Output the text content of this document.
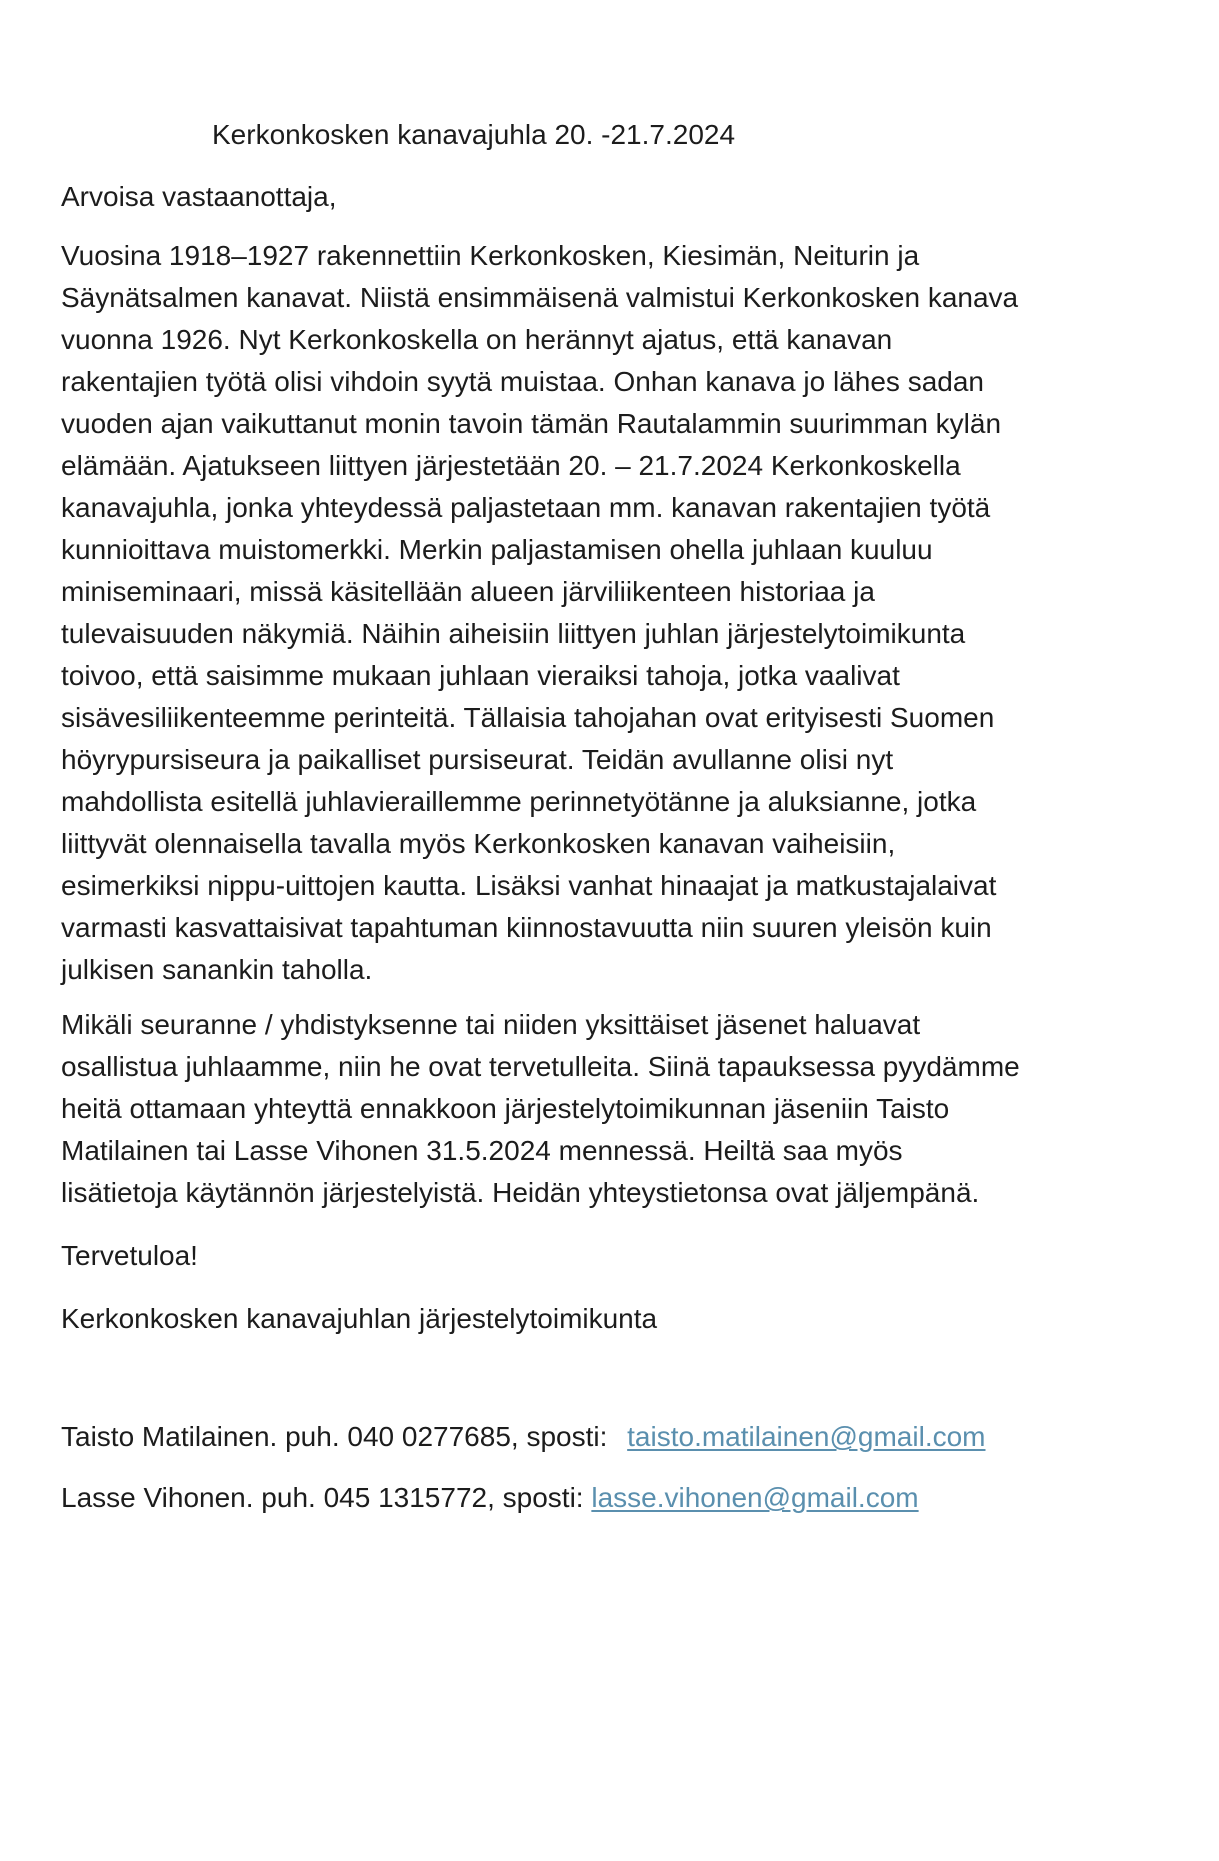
Kerkonkosken kanavajuhla 20. -21.7.2024

Arvoisa vastaanottaja,

Vuosina 1918–1927 rakennettiin Kerkonkosken, Kiesimän, Neiturin ja
Säynätsalmen kanavat. Niistä ensimmäisenä valmistui Kerkonkosken kanava
vuonna 1926. Nyt Kerkonkoskella on herännyt ajatus, että kanavan
rakentajien työtä olisi vihdoin syytä muistaa. Onhan kanava jo lähes sadan
vuoden ajan vaikuttanut monin tavoin tämän Rautalammin suurimman kylän
elämään. Ajatukseen liittyen järjestetään 20. – 21.7.2024 Kerkonkoskella
kanavajuhla, jonka yhteydessä paljastetaan mm. kanavan rakentajien työtä
kunnioittava muistomerkki. Merkin paljastamisen ohella juhlaan kuuluu
miniseminaari, missä käsitellään alueen järviliikenteen historiaa ja
tulevaisuuden näkymiä. Näihin aiheisiin liittyen juhlan järjestelytoimikunta
toivoo, että saisimme mukaan juhlaan vieraiksi tahoja, jotka vaalivat
sisävesiliikenteemme perinteitä. Tällaisia tahojahan ovat erityisesti Suomen
höyrypursiseura ja paikalliset pursiseurat. Teidän avullanne olisi nyt
mahdollista esitellä juhlavieraillemme perinnetyötänne ja aluksianne, jotka
liittyvät olennaisella tavalla myös Kerkonkosken kanavan vaiheisiin,
esimerkiksi nippu-uittojen kautta. Lisäksi vanhat hinaajat ja matkustajalaivat
varmasti kasvattaisivat tapahtuman kiinnostavuutta niin suuren yleisön kuin
julkisen sanankin taholla.

Mikäli seuranne / yhdistyksenne tai niiden yksittäiset jäsenet haluavat
osallistua juhlaamme, niin he ovat tervetulleita. Siinä tapauksessa pyydämme
heitä ottamaan yhteyttä ennakkoon järjestelytoimikunnan jäseniin Taisto
Matilainen tai Lasse Vihonen 31.5.2024 mennessä. Heiltä saa myös
lisätietoja käytännön järjestelyistä. Heidän yhteystietonsa ovat jäljempänä.

Tervetuloa!

Kerkonkosken kanavajuhlan järjestelytoimikunta

Taisto Matilainen. puh. 040 0277685, sposti: taisto.matilainen@gmail.com
Lasse Vihonen. puh. 045 1315772, sposti: lasse.vihonen@gmail.com
